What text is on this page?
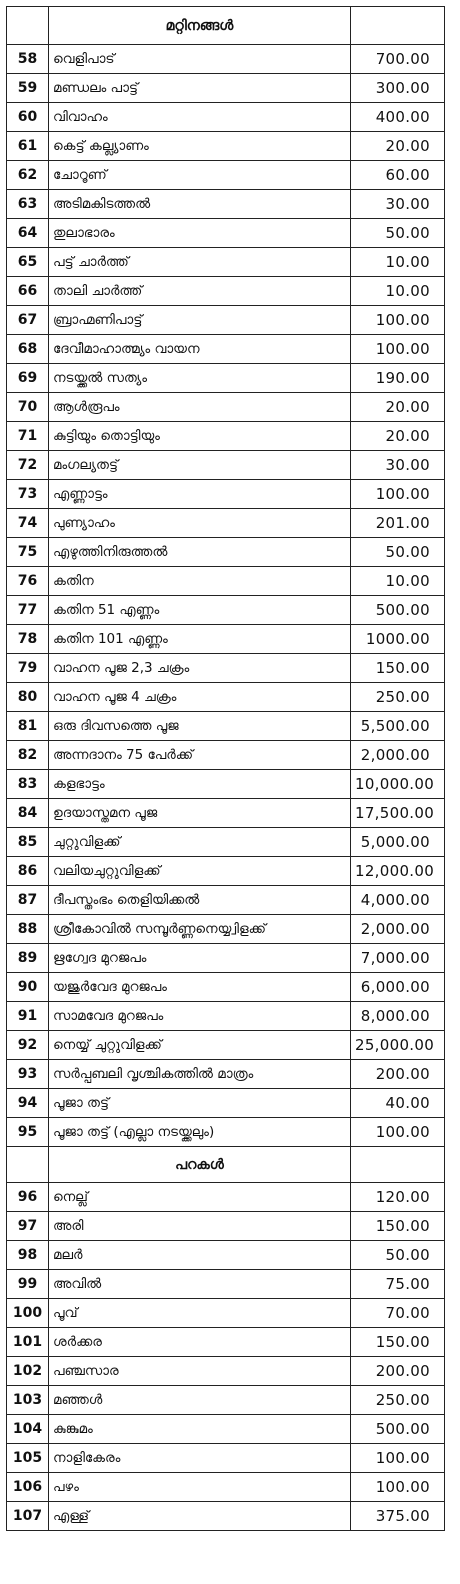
	മറ്റിനങ്ങൾ	
58	വെളിപാട്	700.00
59	മണ്ഡലം പാട്ട്	300.00
60	വിവാഹം	400.00
61	കെട്ട് കല്ല്യാണം	20.00
62	ചോറൂണ്	60.00
63	അടിമകിടത്തൽ	30.00
64	തുലാഭാരം	50.00
65	പട്ട് ചാർത്ത്	10.00
66	താലി ചാർത്ത്	10.00
67	ബ്രാഹ്മണിപാട്ട്	100.00
68	ദേവീമാഹാത്മ്യം വായന	100.00
69	നടയ്ക്കൽ സത്യം	190.00
70	ആൾരൂപം	20.00
71	കുട്ടിയും തൊട്ടിയും	20.00
72	മംഗല്യതട്ട്	30.00
73	എണ്ണാട്ടം	100.00
74	പുണ്യാഹം	201.00
75	എഴുത്തിനിരുത്തൽ	50.00
76	കതിന	10.00
77	കതിന 51 എണ്ണം	500.00
78	കതിന 101 എണ്ണം	1000.00
79	വാഹന പൂജ 2,3 ചക്രം	150.00
80	വാഹന പൂജ 4 ചക്രം	250.00
81	ഒരു ദിവസത്തെ പൂജ	5,500.00
82	അന്നദാനം 75 പേർക്ക്	2,000.00
83	കളഭാട്ടം	10,000.00
84	ഉദയാസ്തമന പൂജ	17,500.00
85	ചുറ്റുവിളക്ക്	5,000.00
86	വലിയചുറ്റുവിളക്ക്	12,000.00
87	ദീപസ്തംഭം തെളിയിക്കൽ	4,000.00
88	ശ്രീകോവിൽ സമ്പൂർണ്ണനെയ്യ്വിളക്ക്	2,000.00
89	ഋഗ്വേദ മുറജപം	7,000.00
90	യജുർവേദ മുറജപം	6,000.00
91	സാമവേദ മുറജപം	8,000.00
92	നെയ്യ് ചുറ്റുവിളക്ക്	25,000.00
93	സർപ്പബലി വൃശ്ചികത്തിൽ മാത്രം	200.00
94	പൂജാ തട്ട്	40.00
95	പൂജാ തട്ട് (എല്ലാ നടയ്ക്കലും)	100.00
	പറകൾ	
96	നെല്ല്	120.00
97	അരി	150.00
98	മലർ	50.00
99	അവിൽ	75.00
100	പൂവ്	70.00
101	ശർക്കര	150.00
102	പഞ്ചസാര	200.00
103	മഞ്ഞൾ	250.00
104	കുങ്കുമം	500.00
105	നാളികേരം	100.00
106	പഴം	100.00
107	എള്ള്	375.00
